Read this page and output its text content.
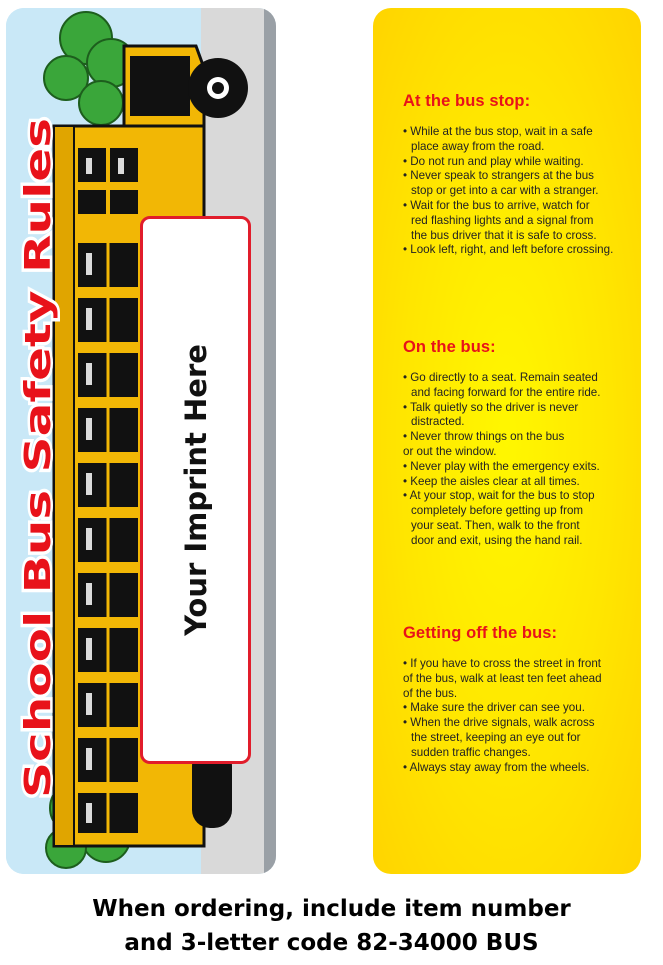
School Bus Safety Rules	Your Imprint Here
At the bus stop:
• While at the bus stop, wait in a safe
place away from the road.
• Do not run and play while waiting.
• Never speak to strangers at the bus
stop or get into a car with a stranger.
• Wait for the bus to arrive, watch for
red flashing lights and a signal from
the bus driver that it is safe to cross.
• Look left, right, and left before crossing.
On the bus:
• Go directly to a seat. Remain seated
and facing forward for the entire ride.
• Talk quietly so the driver is never
distracted.
• Never throw things on the bus
or out the window.
• Never play with the emergency exits.
• Keep the aisles clear at all times.
• At your stop, wait for the bus to stop
completely before getting up from
your seat. Then, walk to the front
door and exit, using the hand rail.
Getting off the bus:
• If you have to cross the street in front
of the bus, walk at least ten feet ahead
of the bus.
• Make sure the driver can see you.
• When the drive signals, walk across
the street, keeping an eye out for
sudden traffic changes.
• Always stay away from the wheels.
When ordering, include item number
and 3-letter code 82-34000 BUS
